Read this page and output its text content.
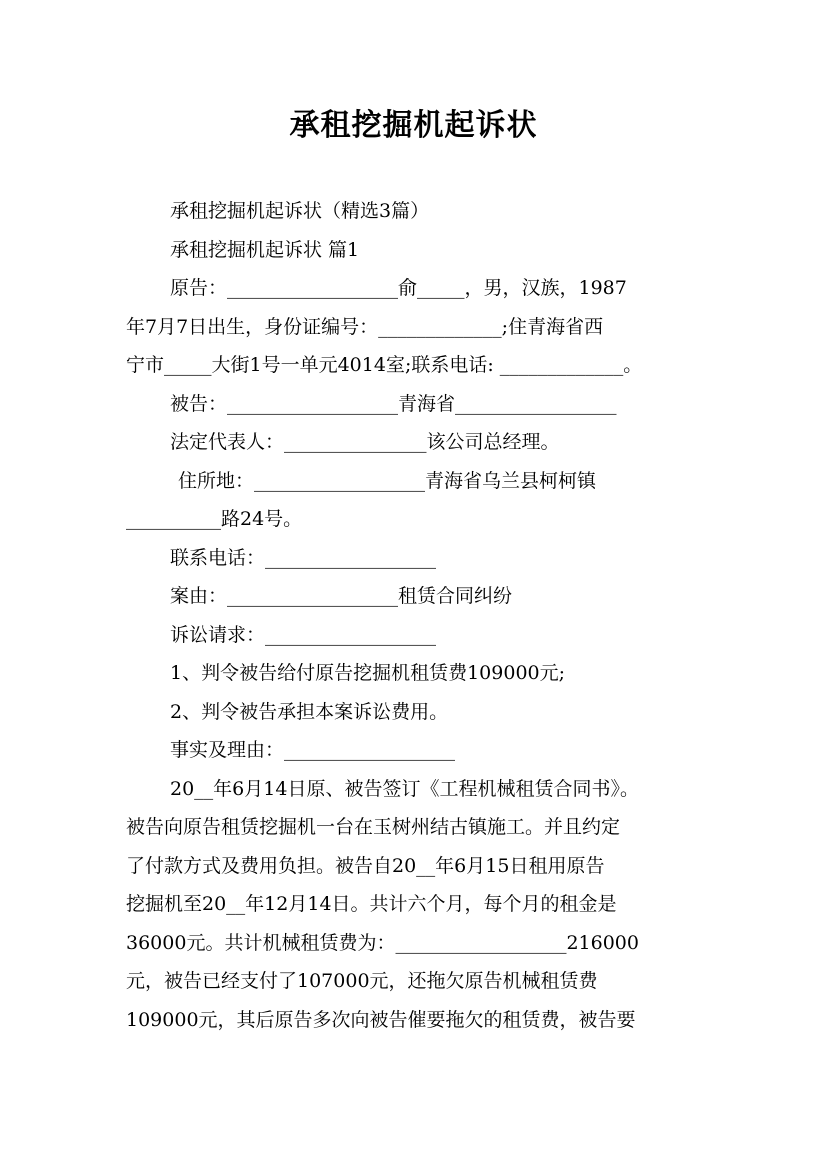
承租挖掘机起诉状
承租挖掘机起诉状（精选3篇）
承租挖掘机起诉状 篇1
原告：__________________俞_____，男，汉族，1987
年7月7日出生，身份证编号：_____________;住青海省西
宁市_____大街1号一单元4014室;联系电话: _____________。
被告：__________________青海省_________________
法定代表人：_______________该公司总经理。
住所地：__________________青海省乌兰县柯柯镇
__________路24号。
联系电话：__________________
案由：__________________租赁合同纠纷
诉讼请求：__________________
1、判令被告给付原告挖掘机租赁费109000元;
2、判令被告承担本案诉讼费用。
事实及理由：__________________
20__年6月14日原、被告签订《工程机械租赁合同书》。
被告向原告租赁挖掘机一台在玉树州结古镇施工。并且约定
了付款方式及费用负担。被告自20__年6月15日租用原告
挖掘机至20__年12月14日。共计六个月，每个月的租金是
36000元。共计机械租赁费为：__________________216000
元，被告已经支付了107000元，还拖欠原告机械租赁费
109000元，其后原告多次向被告催要拖欠的租赁费，被告要
